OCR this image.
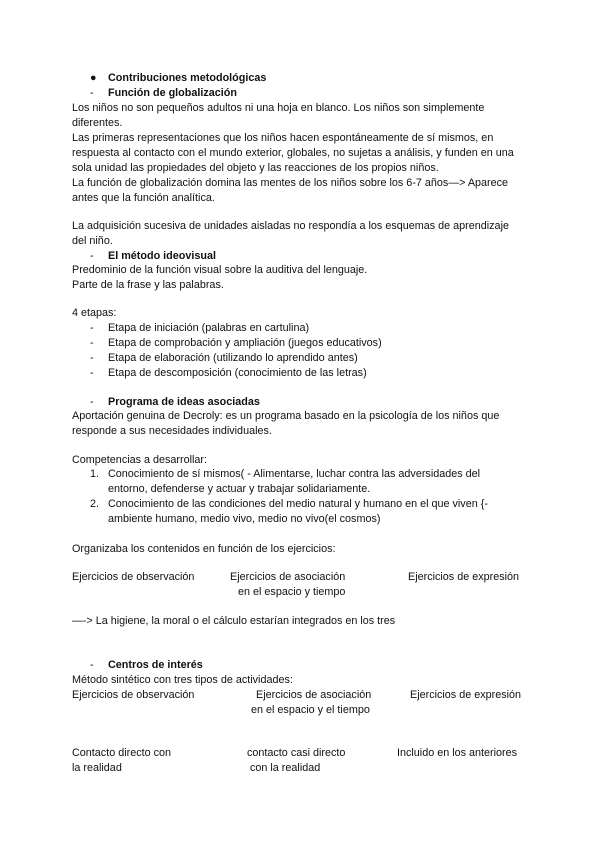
● Contribuciones metodológicas
- Función de globalización
Los niños no son pequeños adultos ni una hoja en blanco. Los niños son simplemente
diferentes.
Las primeras representaciones que los niños hacen espontáneamente de sí mismos, en
respuesta al contacto con el mundo exterior, globales, no sujetas a análisis, y funden en una
sola unidad las propiedades del objeto y las reacciones de los propios niños.
La función de globalización domina las mentes de los niños sobre los 6-7 años—> Aparece
antes que la función analítica.
La adquisición sucesiva de unidades aisladas no respondía a los esquemas de aprendizaje
del niño.
- El método ideovisual
Predominio de la función visual sobre la auditiva del lenguaje.
Parte de la frase y las palabras.
4 etapas:
- Etapa de iniciación (palabras en cartulina)
- Etapa de comprobación y ampliación (juegos educativos)
- Etapa de elaboración (utilizando lo aprendido antes)
- Etapa de descomposición (conocimiento de las letras)
- Programa de ideas asociadas
Aportación genuina de Decroly: es un programa basado en la psicología de los niños que
responde a sus necesidades individuales.
Competencias a desarrollar:
1. Conocimiento de sí mismos( - Alimentarse, luchar contra las adversidades del
entorno, defenderse y actuar y trabajar solidariamente.
2. Conocimiento de las condiciones del medio natural y humano en el que viven {-
ambiente humano, medio vivo, medio no vivo(el cosmos)
Organizaba los contenidos en función de los ejercicios:
Ejercicios de observación	Ejercicios de asociación
en el espacio y tiempo
Ejercicios de expresión
—-> La higiene, la moral o el cálculo estarían integrados en los tres
- Centros de interés
Método sintético con tres tipos de actividades:
Ejercicios de observación	Ejercicios de asociación
en el espacio y el tiempo
Ejercicios de expresión
Contacto directo con
la realidad
contacto casi directo
con la realidad
Incluido en los anteriores
